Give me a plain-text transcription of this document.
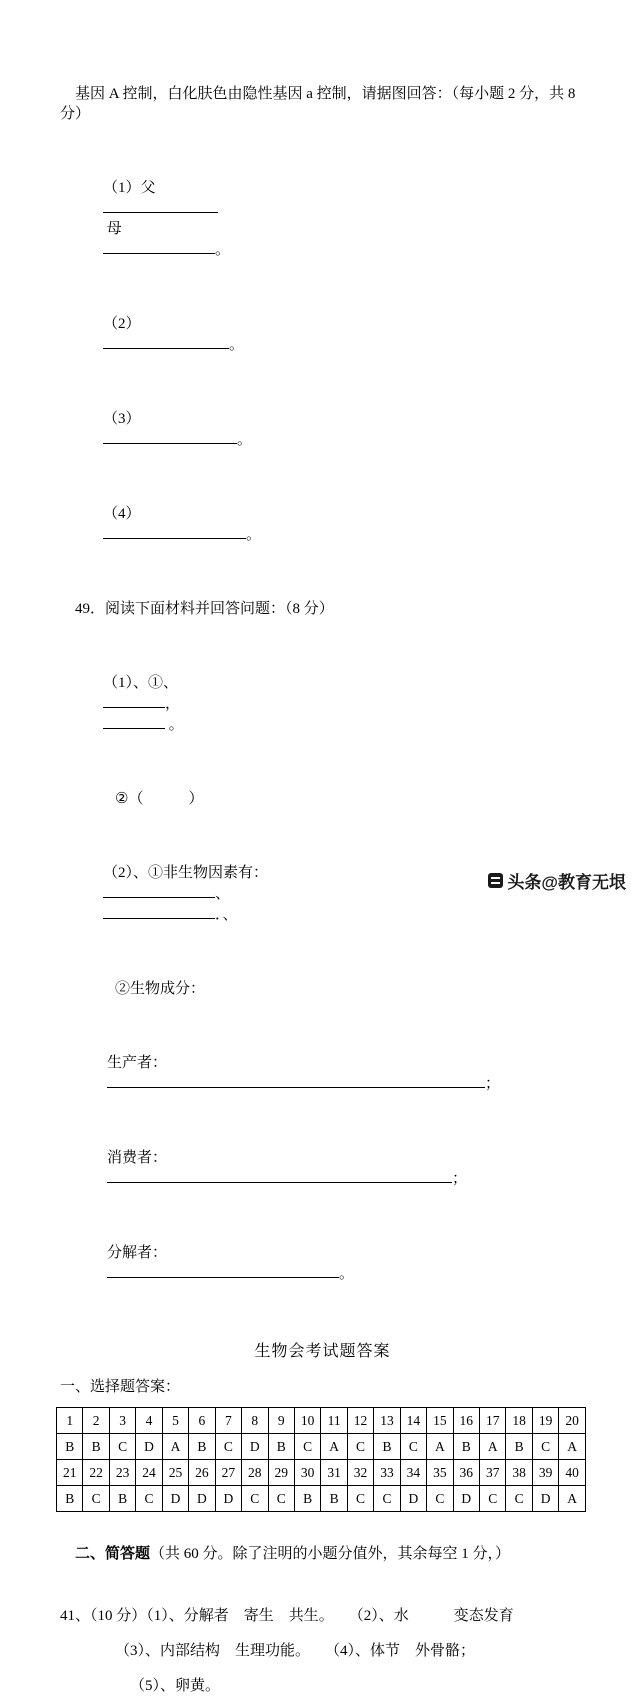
基因 A 控制，白化肤色由隐性基因 a 控制，请据图回答：（每小题 2 分，共 8 分）

（1）父

母
。

（2）
。

（3）
。

（4）
。

49．阅读下面材料并回答问题：（8 分）

（1）、①、
，
。

②（　　　）

（2）、①非生物因素有：
、
．、

②生物成分：

生产者：
；

消费者：
；

分解者：
。

生物会考试题答案
一、选择题答案：
1	2	3	4	5	6	7	8	9	10	11	12	13	14	15	16	17	18	19	20
B	B	C	D	A	B	C	D	B	C	A	C	B	C	A	B	A	B	C	A
21	22	23	24	25	26	27	28	29	30	31	32	33	34	35	36	37	38	39	40
B	C	B	C	D	D	D	C	C	B	B	C	C	D	C	D	C	C	D	A

二、简答题（共 60 分。除了注明的小题分值外，其余每空 1 分，）

41、（10 分）（1）、分解者　寄生　共生。　　（2）、水　　　变态发育
（3）、内部结构　生理功能。　　（4）、体节　外骨骼；
（5）、卵黄。
头条@教育无垠
